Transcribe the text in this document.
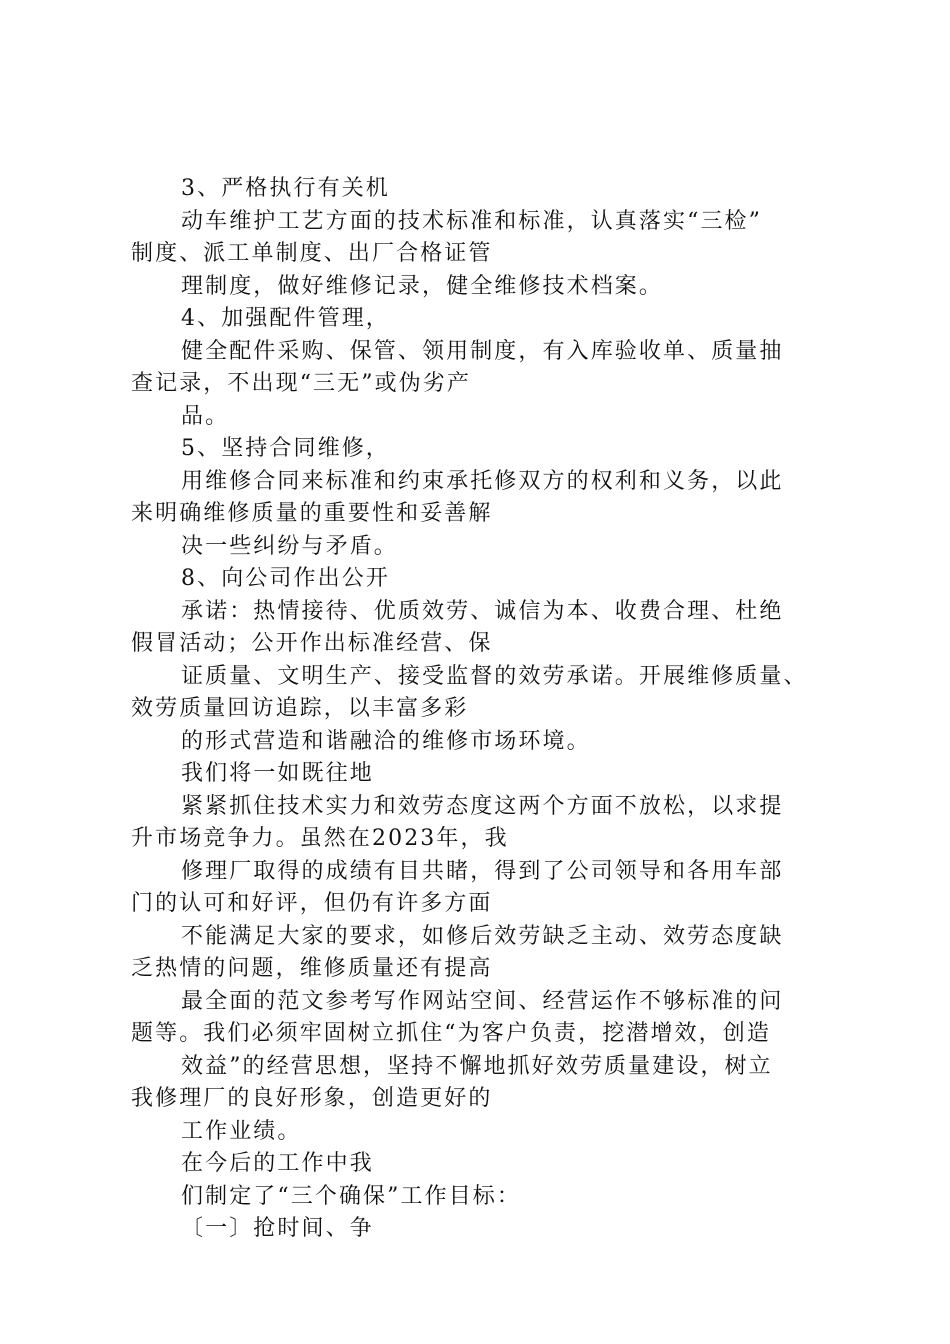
3、严格执行有关机
动车维护工艺方面的技术标准和标准，认真落实“三检”
制度、派工单制度、出厂合格证管
理制度，做好维修记录，健全维修技术档案。
4、加强配件管理，
健全配件采购、保管、领用制度，有入库验收单、质量抽
查记录，不出现“三无”或伪劣产
品。
5、坚持合同维修，
用维修合同来标准和约束承托修双方的权利和义务，以此
来明确维修质量的重要性和妥善解
决一些纠纷与矛盾。
8、向公司作出公开
承诺：热情接待、优质效劳、诚信为本、收费合理、杜绝
假冒活动；公开作出标准经营、保
证质量、文明生产、接受监督的效劳承诺。开展维修质量、
效劳质量回访追踪，以丰富多彩
的形式营造和谐融洽的维修市场环境。
我们将一如既往地
紧紧抓住技术实力和效劳态度这两个方面不放松，以求提
升市场竞争力。虽然在2023年，我
修理厂取得的成绩有目共睹，得到了公司领导和各用车部
门的认可和好评，但仍有许多方面
不能满足大家的要求，如修后效劳缺乏主动、效劳态度缺
乏热情的问题，维修质量还有提高
最全面的范文参考写作网站空间、经营运作不够标准的问
题等。我们必须牢固树立抓住“为客户负责，挖潜增效，创造
效益”的经营思想，坚持不懈地抓好效劳质量建设，树立
我修理厂的良好形象，创造更好的
工作业绩。
在今后的工作中我
们制定了“三个确保”工作目标：
〔一〕抢时间、争
